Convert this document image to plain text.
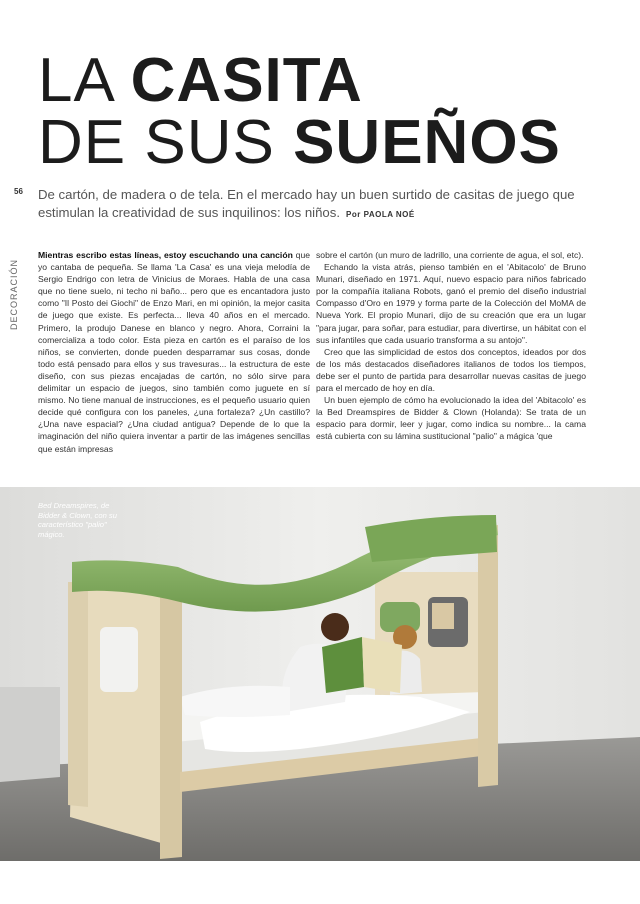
LA CASITA
DE SUS SUEÑOS
56
DECORACIÓN
De cartón, de madera o de tela. En el mercado hay un buen surtido de casitas de juego que estimulan la creatividad de sus inquilinos: los niños. Por PAOLA NOÉ

Mientras escribo estas líneas, estoy escuchando una canción que yo cantaba de pequeña. Se llama 'La Casa' es una vieja melodía de Sergio Endrigo con letra de Vinicius de Moraes. Habla de una casa que no tiene suelo, ni techo ni baño... pero que es encantadora justo como "Il Posto dei Giochi" de Enzo Mari, en mi opinión, la mejor casita de juego que existe. Es perfecta... lleva 40 años en el mercado. Primero, la produjo Danese en blanco y negro. Ahora, Corraini la comercializa a todo color. Esta pieza en cartón es el paraíso de los niños, se convierten, donde pueden desparramar sus cosas, donde todo está pensado para ellos y sus travesuras... la estructura de este diseño, con sus piezas encajadas de cartón, no sólo sirve para delimitar un espacio de juegos, sino también como juguete en sí mismo. No tiene manual de instrucciones, es el pequeño usuario quien decide qué configura con los paneles, ¿una fortaleza? ¿Un castillo? ¿Una nave espacial? ¿Una ciudad antigua? Depende de lo que la imaginación del niño quiera inventar a partir de las imágenes sencillas que están impresas

sobre el cartón (un muro de ladrillo, una corriente de agua, el sol, etc).

Echando la vista atrás, pienso también en el 'Abitacolo' de Bruno Munari, diseñado en 1971. Aquí, nuevo espacio para niños fabricado por la compañía italiana Robots, ganó el premio del diseño industrial Compasso d'Oro en 1979 y forma parte de la Colección del MoMA de Nueva York. El propio Munari, dijo de su creación que era un lugar "para jugar, para soñar, para estudiar, para divertirse, un hábitat con el sus infantiles que cada usuario transforma a su antojo".

Creo que las simplicidad de estos dos conceptos, ideados por dos de los más destacados diseñadores italianos de todos los tiempos, debe ser el punto de partida para desarrollar nuevas casitas de juego para el mercado de hoy en día.

Un buen ejemplo de cómo ha evolucionado la idea del 'Abitacolo' es la Bed Dreamspires de Bidder & Clown (Holanda): Se trata de un espacio para dormir, leer y jugar, como indica su nombre... la cama está cubierta con su lámina sustitucional "palio" a mágica 'que

Bed Dreamspires, de Bidder & Clown, con su característico "palio" mágico.
